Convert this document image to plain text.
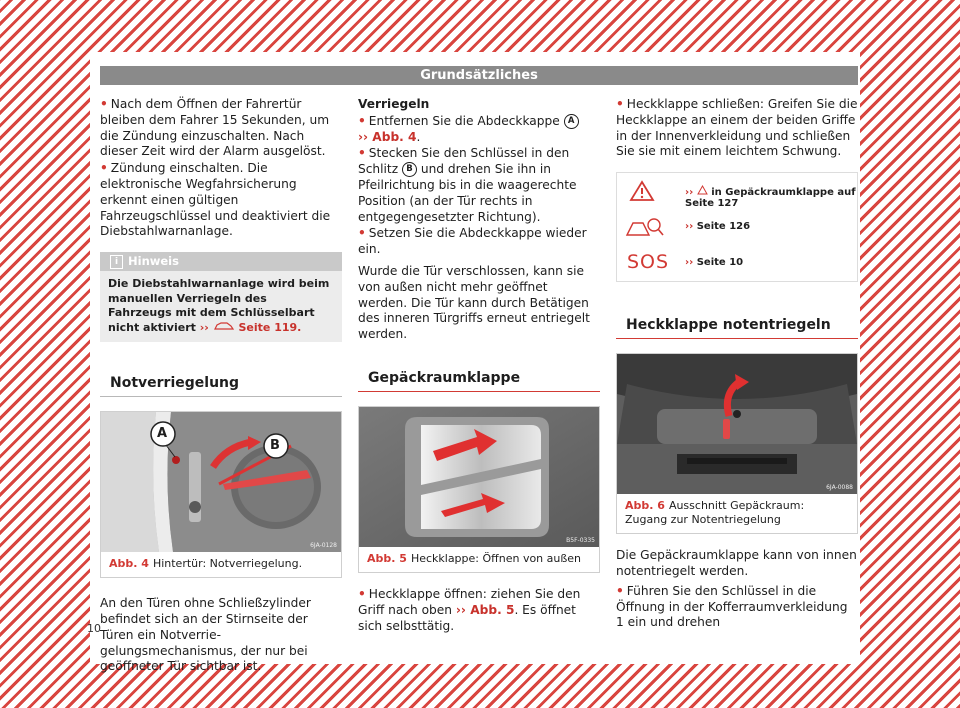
Grundsätzliches
• Nach dem Öffnen der Fahrertür bleiben dem Fahrer 15 Sekunden, um die Zündung einzuschalten. Nach dieser Zeit wird der Alarm ausgelöst.
• Zündung einschalten. Die elektronische Wegfahrsicherung erkennt einen gültigen Fahrzeugschlüssel und deaktiviert die Diebstahlwarnanlage.
i Hinweis
Die Diebstahlwarnanlage wird beim manuellen Verriegeln des Fahrzeugs mit dem Schlüsselbart nicht aktiviert ››  Seite 119.
Notverriegelung
6JA-0128
A
B
Abb. 4 Hintertür: Notverriegelung.

An den Türen ohne Schließzylinder befindet sich an der Stirnseite der Türen ein Notverriegelungsmechanismus, der nur bei geöffneter Tür sichtbar ist.

Verriegeln
• Entfernen Sie die Abdeckkappe A
›› Abb. 4.
• Stecken Sie den Schlüssel in den Schlitz B und drehen Sie ihn in Pfeilrichtung bis in die waagerechte Position (an der Tür rechts in entgegengesetzter Richtung).
• Setzen Sie die Abdeckkappe wieder ein.

Wurde die Tür verschlossen, kann sie von außen nicht mehr geöffnet werden. Die Tür kann durch Betätigen des inneren Türgriffs erneut entriegelt werden.

Gepäckraumklappe
B5F-0335
Abb. 5 Heckklappe: Öffnen von außen
• Heckklappe öffnen: ziehen Sie den Griff nach oben ›› Abb. 5. Es öffnet sich selbsttätig.
• Heckklappe schließen: Greifen Sie die Heckklappe an einem der beiden Griffe in der Innenverkleidung und schließen Sie sie mit einem leichtem Schwung.
››  in Gepäckraumklappe auf Seite 127
›› Seite 126
SOS ›› Seite 10
Heckklappe notentriegeln
6JA-0088
Abb. 6 Ausschnitt Gepäckraum: Zugang zur Notentriegelung

Die Gepäckraumklappe kann von innen notentriegelt werden.

• Führen Sie den Schlüssel in die Öffnung in der Kofferraumverkleidung 1 ein und drehen
10
